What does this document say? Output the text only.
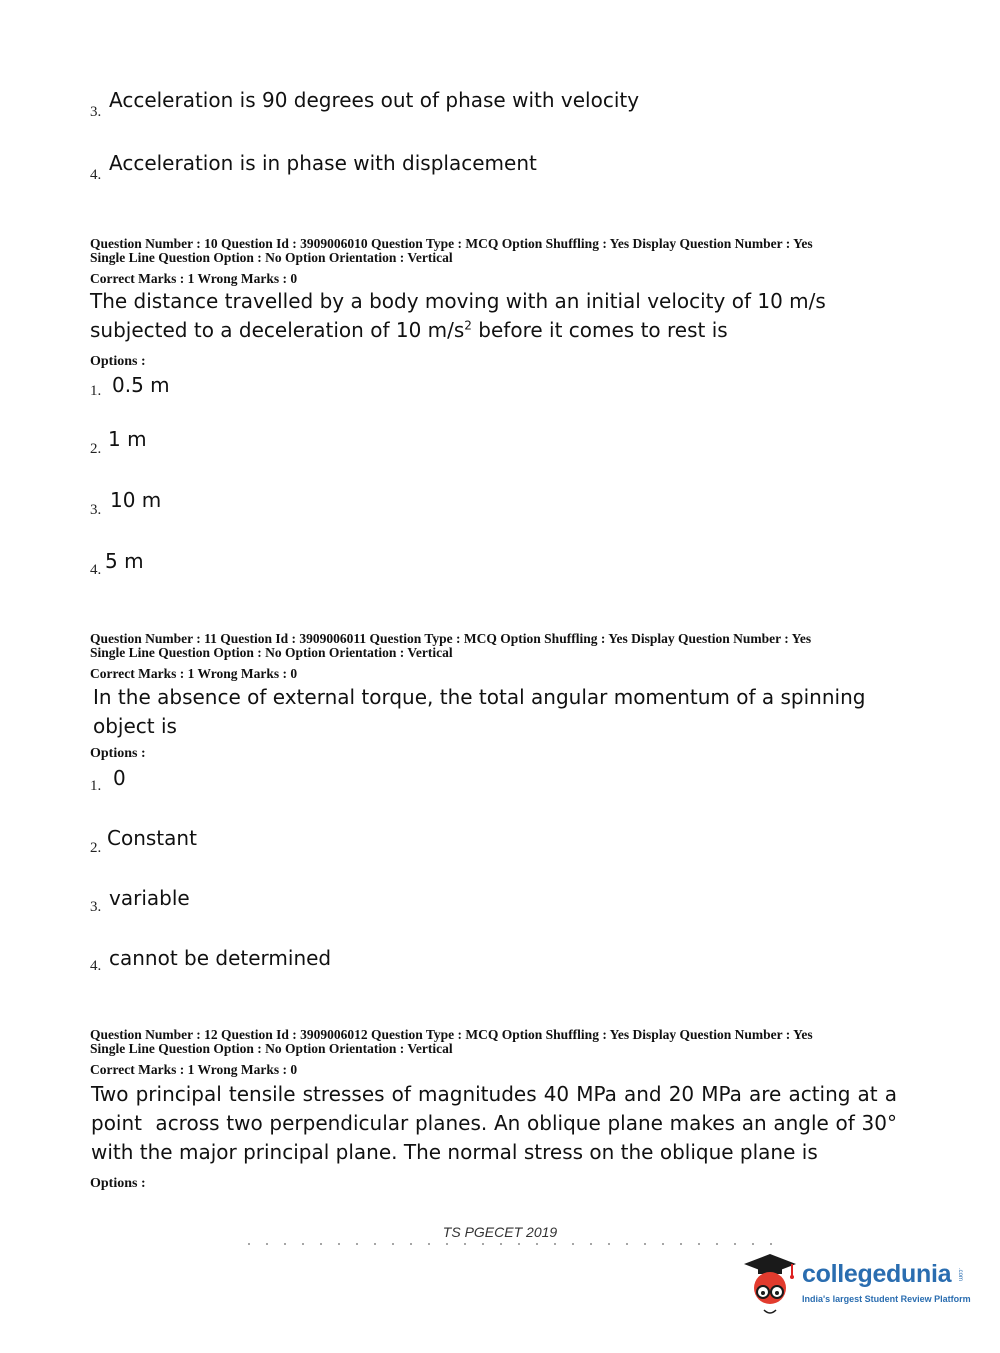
3. Acceleration is 90 degrees out of phase with velocity
4. Acceleration is in phase with displacement
Question Number : 10 Question Id : 3909006010 Question Type : MCQ Option Shuffling : Yes Display Question Number : Yes
Single Line Question Option : No Option Orientation : Vertical
Correct Marks : 1 Wrong Marks : 0
The distance travelled by a body moving with an initial velocity of 10 m/s subjected to a deceleration of 10 $m/s^2$ before it comes to rest is
Options :
1. 0.5 m
2. 1 m
3. 10 m
4. 5 m
Question Number : 11 Question Id : 3909006011 Question Type : MCQ Option Shuffling : Yes Display Question Number : Yes
Single Line Question Option : No Option Orientation : Vertical
Correct Marks : 1 Wrong Marks : 0
In the absence of external torque, the total angular momentum of a spinning object is
Options :
1. 0
2. Constant
3. variable
4. cannot be determined
Question Number : 12 Question Id : 3909006012 Question Type : MCQ Option Shuffling : Yes Display Question Number : Yes
Single Line Question Option : No Option Orientation : Vertical
Correct Marks : 1 Wrong Marks : 0
Two principal tensile stresses of magnitudes 40 MPa and 20 MPa are acting at a point  across two perpendicular planes. An oblique plane makes an angle of 30° with the major principal plane. The normal stress on the oblique plane is
Options :
TS PGECET 2019
collegedunia .com
India's largest Student Review Platform
